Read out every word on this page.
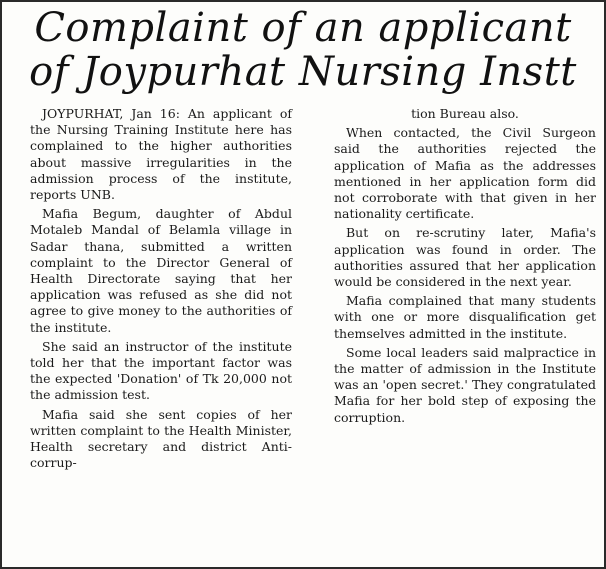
Complaint of an applicant
of Joypurhat Nursing Instt

JOYPURHAT, Jan 16: An applicant of the Nursing Training Institute here has complained to the higher authorities about massive irregularities in the admission process of the institute, reports UNB.

Mafia Begum, daughter of Abdul Motaleb Mandal of Belamla village in Sadar thana, submitted a written complaint to the Director General of Health Directorate saying that her application was refused as she did not agree to give money to the authorities of the institute.

She said an instructor of the institute told her that the important factor was the expected 'Donation' of Tk 20,000 not the admission test.

Mafia said she sent copies of her written complaint to the Health Minister, Health secretary and district Anti-corrup-

tion Bureau also.

When contacted, the Civil Surgeon said the authorities rejected the application of Mafia as the addresses mentioned in her application form did not corroborate with that given in her nationality certificate.

But on re-scrutiny later, Mafia's application was found in order. The authorities assured that her application would be considered in the next year.

Mafia complained that many students with one or more disqualification get themselves admitted in the institute.

Some local leaders said malpractice in the matter of admission in the Institute was an 'open secret.' They congratulated Mafia for her bold step of exposing the corruption.
